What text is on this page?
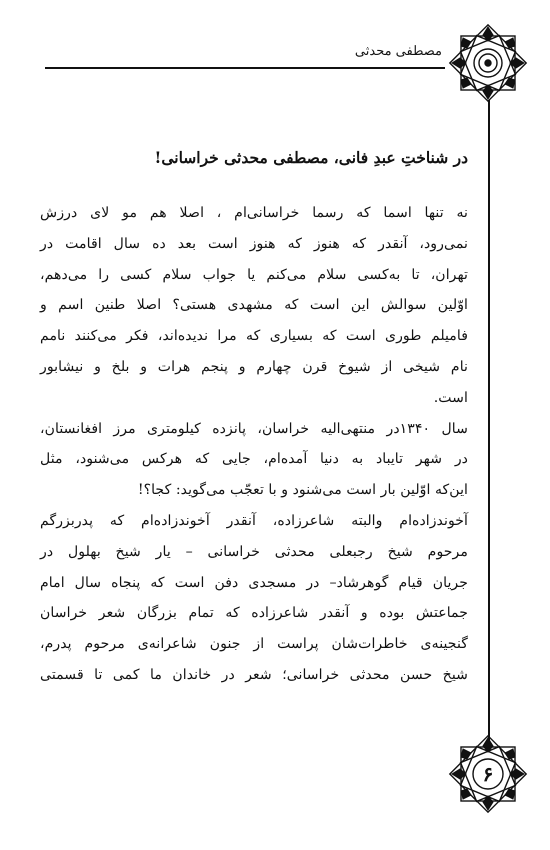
مصطفی محدثی
در شناختِ عبدِ فانی، مصطفی محدثی خراسانی!
نه تنها اسما که رسما خراسانی‌ام ، اصلا هم مو لای درزش
نمی‌رود، آنقدر که هنوز که هنوز است بعد ده سال اقامت در
تهران، تا به‌کسی سلام می‌کنم یا جواب سلام کسی را می‌دهم،
اوّلین سوالش این است که مشهدی هستی؟ اصلا طنین اسم و
فامیلم طوری است که بسیاری که مرا ندیده‌اند، فکر می‌کنند نامم
نام شیخی از شیوخ قرن چهارم و پنجم هرات و بلخ و نیشابور
است.
سال ۱۳۴۰در منتهی‌الیه خراسان، پانزده کیلومتری مرز افغانستان،
در شهر تایباد به دنیا آمده‌ام، جایی که هرکس می‌شنود، مثل
این‌که اوّلین بار است می‌شنود و با تعجّب می‌گوید: کجا؟!
آخوندزاده‌ام والبته شاعرزاده، آنقدر آخوندزاده‌ام که پدربزرگم
مرحوم شیخ رجبعلی محدثی خراسانی – یار شیخ بهلول در
جریان قیام گوهرشاد– در مسجدی دفن است که پنجاه سال امام
جماعتش بوده و آنقدر شاعرزاده که تمام بزرگان شعر خراسان
گنجینه‌ی خاطرات‌شان پراست از جنون شاعرانه‌ی مرحوم پدرم،
شیخ حسن محدثی خراسانی؛ شعر در خاندان ما کمی تا قسمتی
۶
